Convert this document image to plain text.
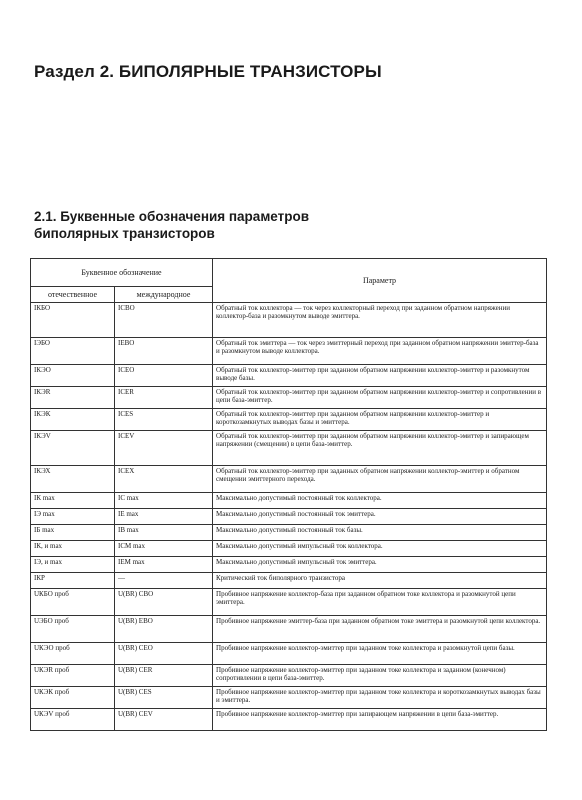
Раздел 2. БИПОЛЯРНЫЕ ТРАНЗИСТОРЫ
2.1. Буквенные обозначения параметров
биполярных транзисторов
Буквенное обозначение		Параметр
отечественное	международное	
IКБО	ICBO	Обратный ток коллектора — ток через коллекторный переход при заданном обратном напряжении коллектор-база и разомкнутом выводе эмиттера.
IЭБО	IEBO	Обратный ток эмиттера — ток через эмиттерный переход при заданном обратном напряжении эмиттер-база и разомкнутом выводе коллектора.
IКЭО	ICEO	Обратный ток коллектор-эмиттер при заданном обратном напряжении коллектор-эмиттер и разомкнутом выводе базы.
IКЭR	ICER	Обратный ток коллектор-эмиттер при заданном обратном напряжении коллектор-эмиттер и сопротивлении в цепи база-эмиттер.
IКЭК	ICES	Обратный ток коллектор-эмиттер при заданном обратном напряжении коллектор-эмиттер и короткозамкнутых выводах базы и эмиттера.
IКЭV	ICEV	Обратный ток коллектор-эмиттер при заданном обратном напряжении коллектор-эмиттер и запирающем напряжении (смещении) в цепи база-эмиттер.
IКЭХ	ICEX	Обратный ток коллектор-эмиттер при заданных обратном напряжении коллектор-эмиттер и обратном смещении эмиттерного перехода.
IК max	IC max	Максимально допустимый постоянный ток коллектора.
IЭ max	IE max	Максимально допустимый постоянный ток эмиттера.
IБ max	IB max	Максимально допустимый постоянный ток базы.
IК, и max	ICM max	Максимально допустимый импульсный ток коллектора.
IЭ, и max	IEM max	Максимально допустимый импульсный ток эмиттера.
IКР	—	Критический ток биполярного транзистора
UКБО проб	U(BR) CBO	Пробивное напряжение коллектор-база при заданном обратном токе коллектора и разомкнутой цепи эмиттера.
UЭБО проб	U(BR) EBO	Пробивное напряжение эмиттер-база при заданном обратном токе эмиттера и разомкнутой цепи коллектора.
UКЭО проб	U(BR) CEO	Пробивное напряжение коллектор-эмиттер при заданном токе коллектора и разомкнутой цепи базы.
UКЭR проб	U(BR) CER	Пробивное напряжение коллектор-эмиттер при заданном токе коллектора и заданном (конечном) сопротивлении в цепи база-эмиттер.
UКЭК проб	U(BR) CES	Пробивное напряжение коллектор-эмиттер при заданном токе коллектора и короткозамкнутых выводах базы и эмиттера.
UКЭV проб	U(BR) CEV	Пробивное напряжение коллектор-эмиттер при запирающем напряжении в цепи база-эмиттер.
